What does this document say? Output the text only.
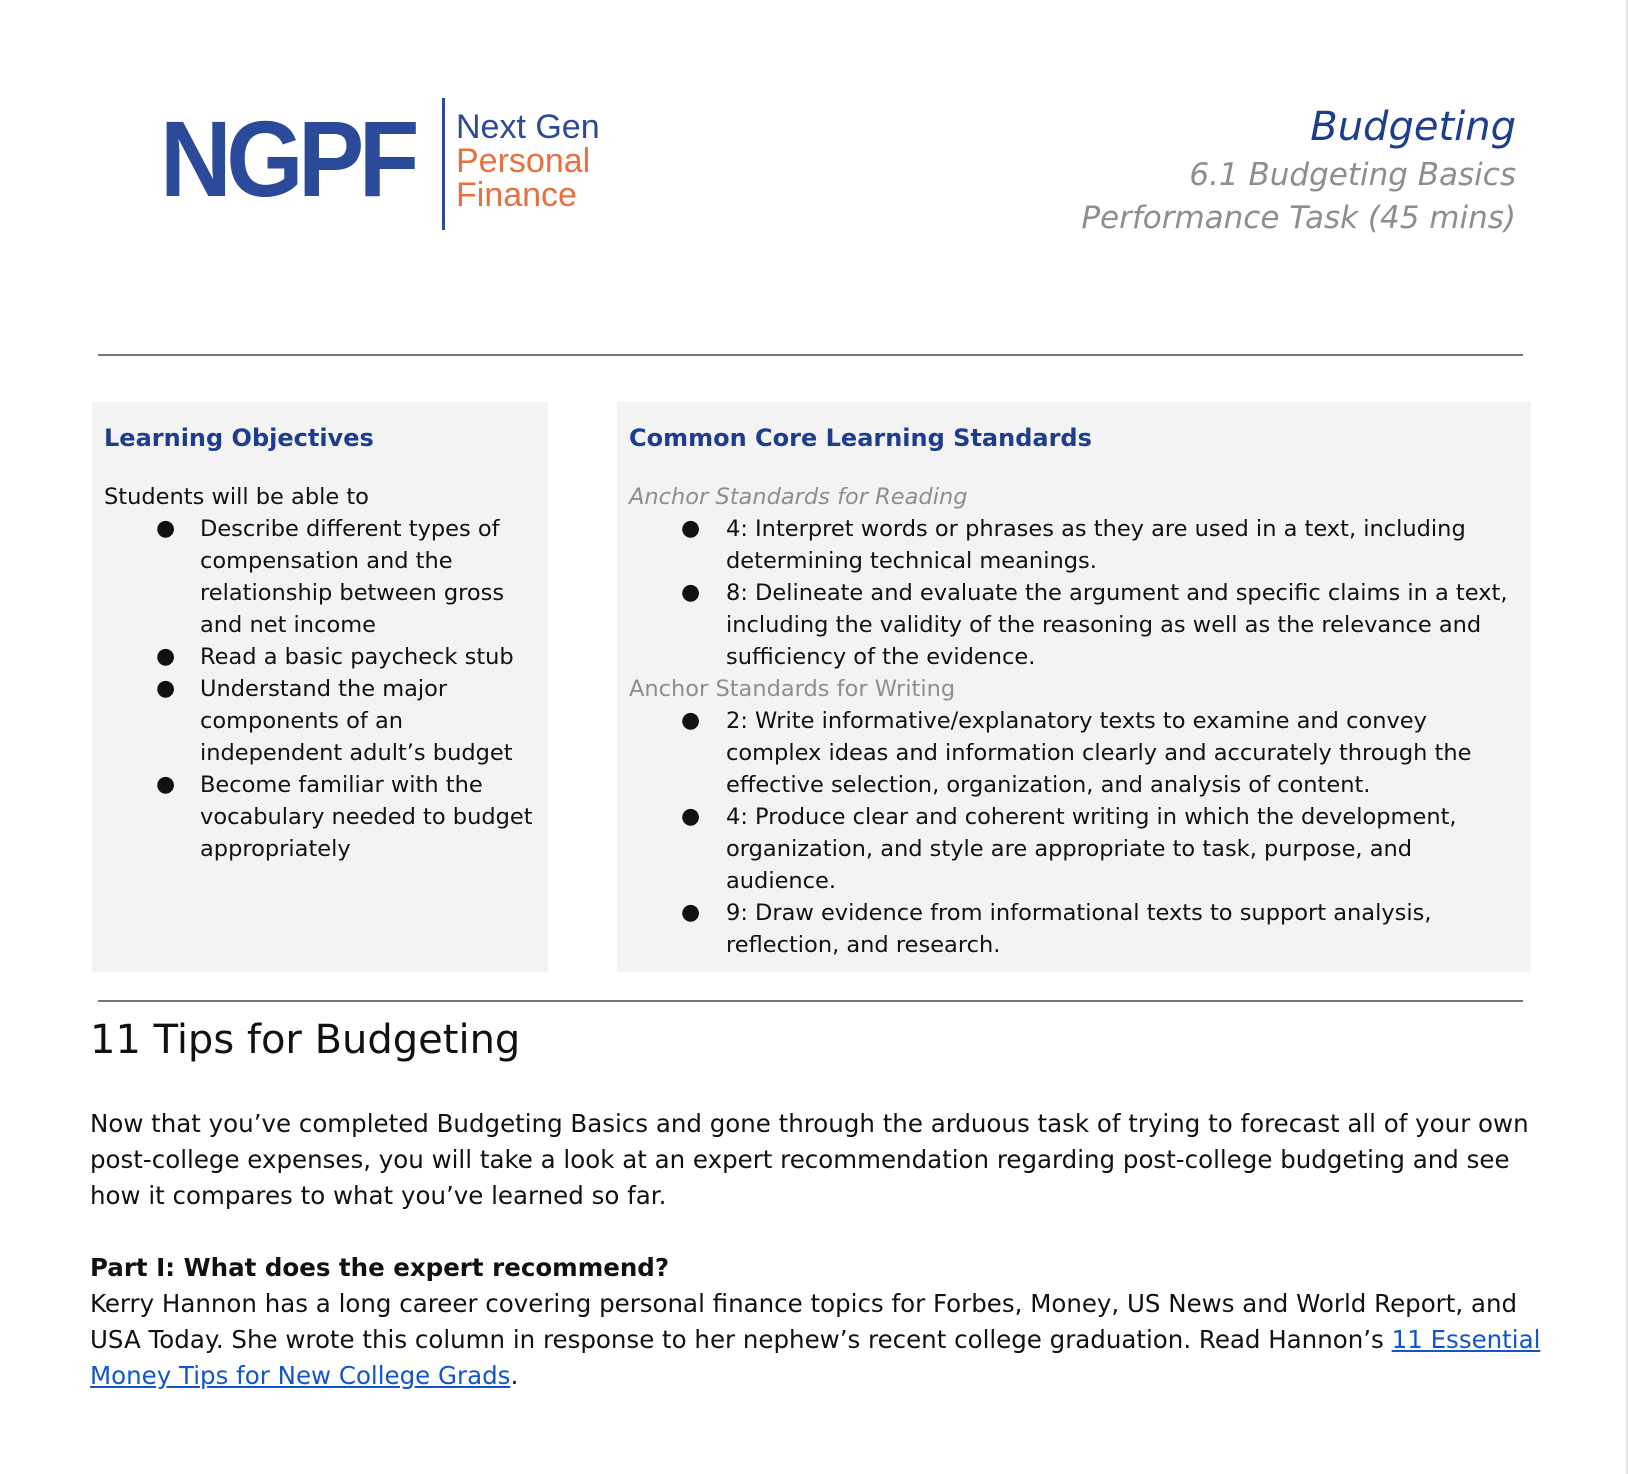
NGPF Next Gen
Personal
Finance
Budgeting
6.1 Budgeting Basics
Performance Task (45 mins)
Learning Objectives
Students will be able to
● Describe different types of compensation and the relationship between gross and net income
● Read a basic paycheck stub
● Understand the major components of an independent adult’s budget
● Become familiar with the vocabulary needed to budget appropriately
Common Core Learning Standards
Anchor Standards for Reading
● 4: Interpret words or phrases as they are used in a text, including determining technical meanings.
● 8: Delineate and evaluate the argument and specific claims in a text, including the validity of the reasoning as well as the relevance and sufficiency of the evidence.
Anchor Standards for Writing
● 2: Write informative/explanatory texts to examine and convey complex ideas and information clearly and accurately through the effective selection, organization, and analysis of content.
● 4: Produce clear and coherent writing in which the development, organization, and style are appropriate to task, purpose, and audience.
● 9: Draw evidence from informational texts to support analysis, reflection, and research.
11 Tips for Budgeting

Now that you’ve completed Budgeting Basics and gone through the arduous task of trying to forecast all of your own post-college expenses, you will take a look at an expert recommendation regarding post-college budgeting and see how it compares to what you’ve learned so far.

Part I: What does the expert recommend?

Kerry Hannon has a long career covering personal finance topics for Forbes, Money, US News and World Report, and USA Today. She wrote this column in response to her nephew’s recent college graduation. Read Hannon’s 11 Essential Money Tips for New College Grads.
